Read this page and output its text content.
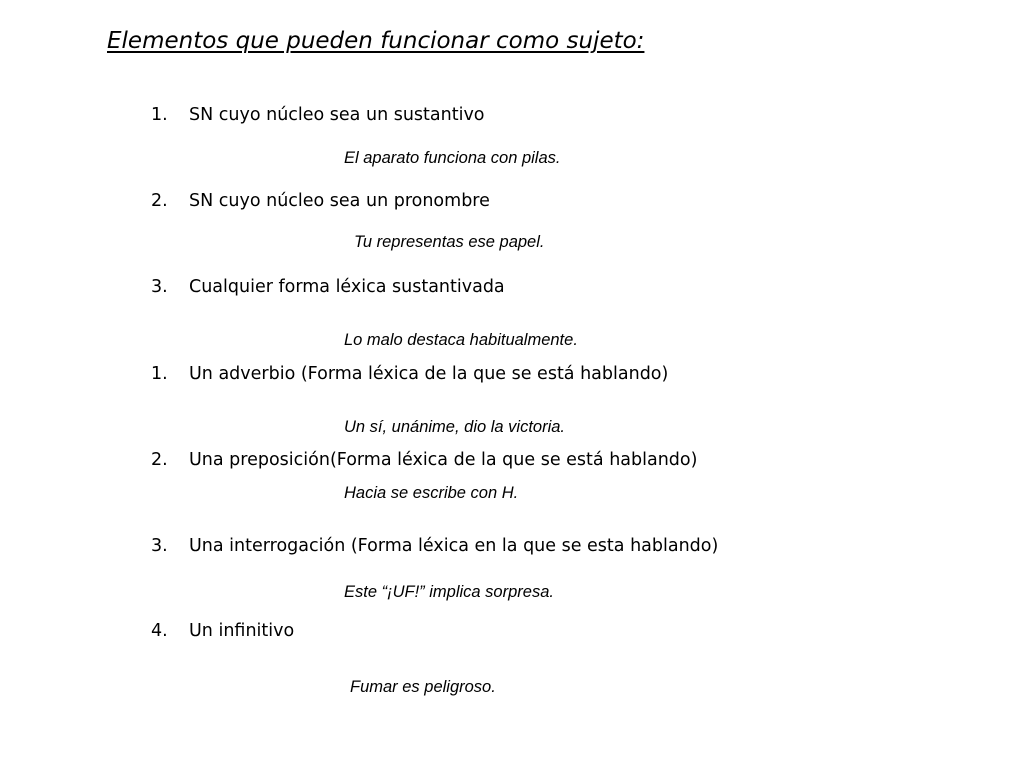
Elementos que pueden funcionar como sujeto:
1. SN cuyo núcleo sea un sustantivo
El aparato funciona con pilas.
2. SN cuyo núcleo sea un pronombre
Tu representas ese papel.
3. Cualquier forma léxica sustantivada
Lo malo destaca habitualmente.
1. Un adverbio (Forma léxica de la que se está hablando)
Un sí, unánime, dio la victoria.
2. Una preposición(Forma léxica de la que se está hablando)
Hacia se escribe con H.
3. Una interrogación (Forma léxica en la que se esta hablando)
Este “¡UF!” implica sorpresa.
4. Un infinitivo
Fumar es peligroso.
